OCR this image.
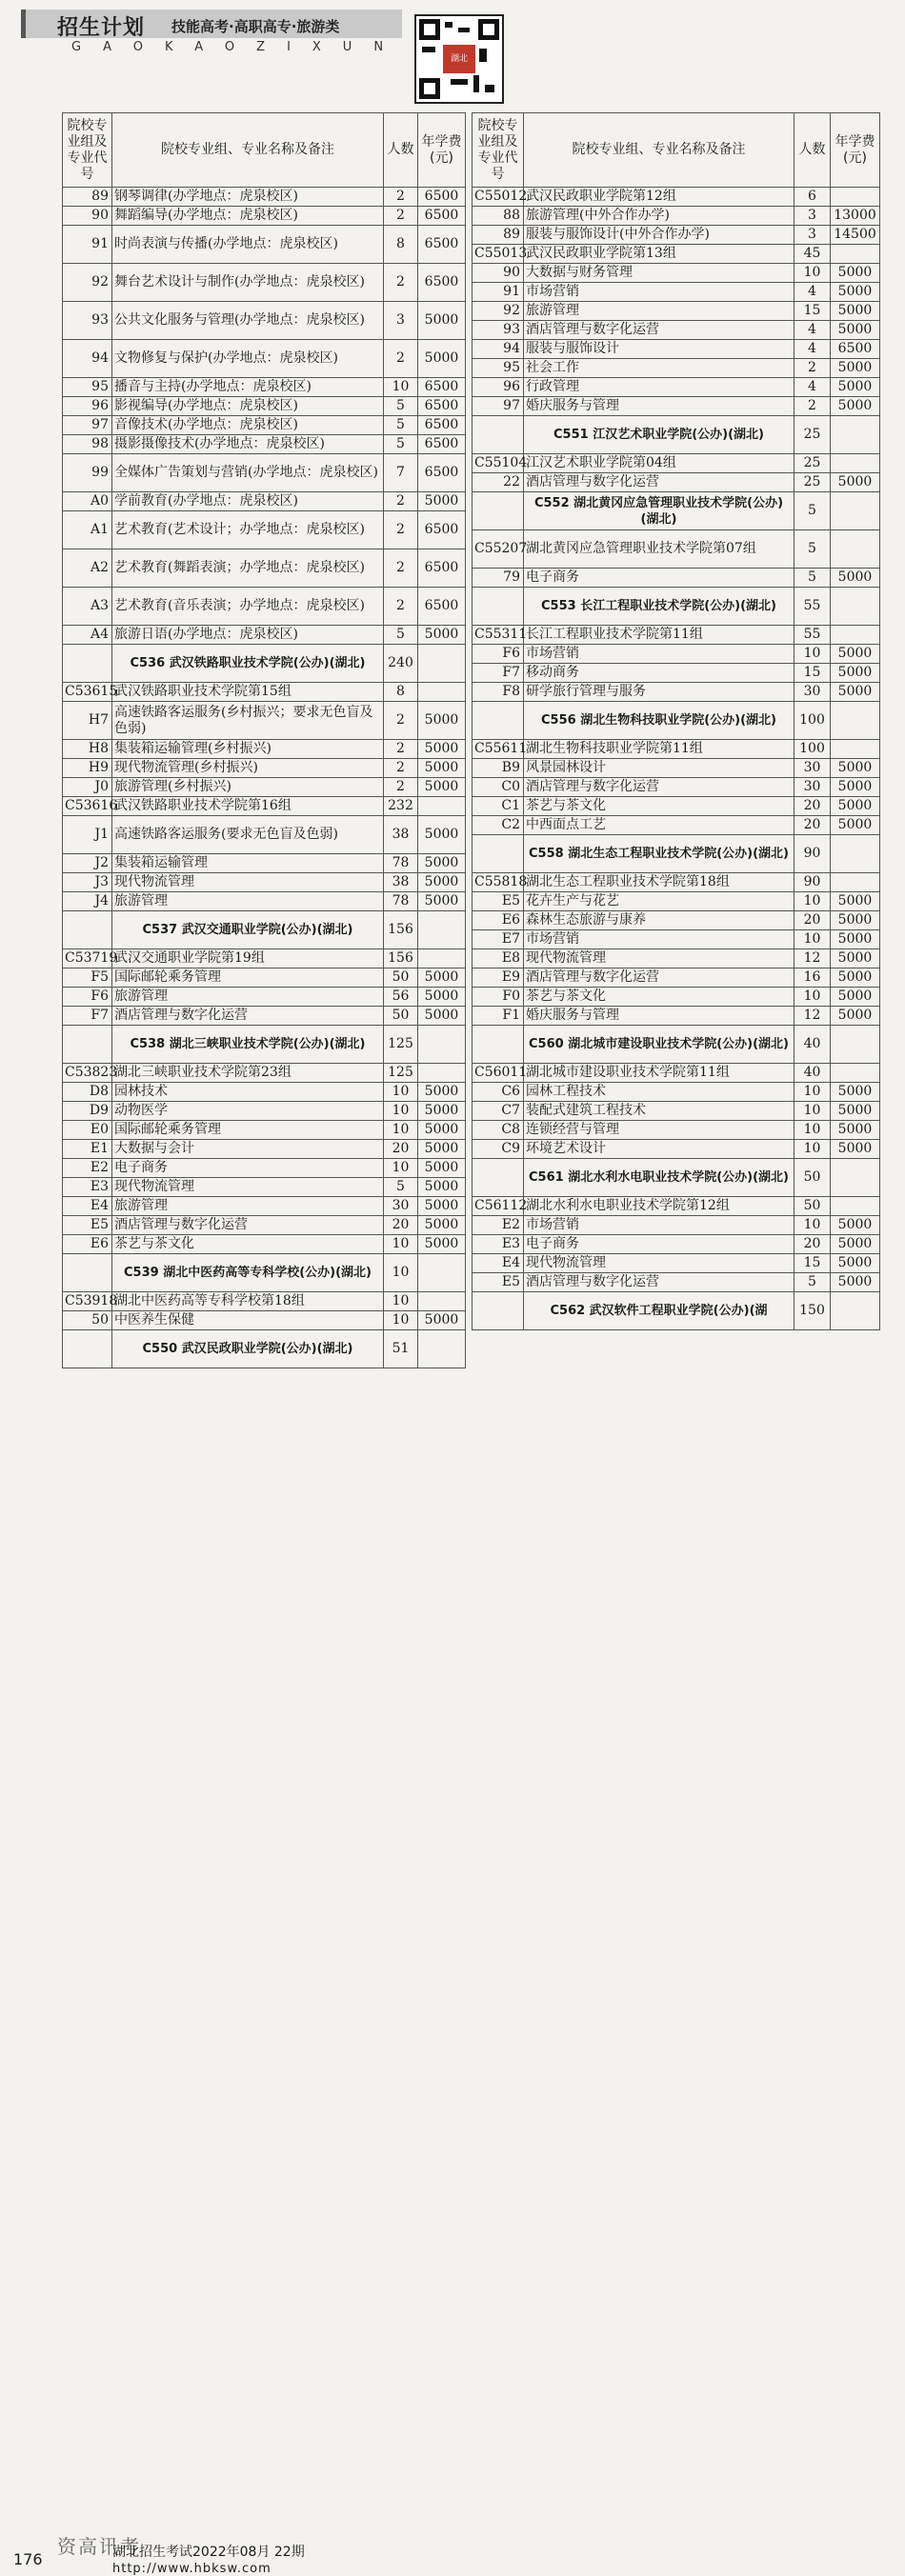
招生计划 技能高考·高职高专·旅游类
GAOKAOZIXUN
湖北
院校专业组及专业代号	院校专业组、专业名称及备注	人数	年学费(元)
89	钢琴调律(办学地点：虎泉校区)	2	6500
90	舞蹈编导(办学地点：虎泉校区)	2	6500
91	时尚表演与传播(办学地点：虎泉校区)	8	6500
92	舞台艺术设计与制作(办学地点：虎泉校区)	2	6500
93	公共文化服务与管理(办学地点：虎泉校区)	3	5000
94	文物修复与保护(办学地点：虎泉校区)	2	5000
95	播音与主持(办学地点：虎泉校区)	10	6500
96	影视编导(办学地点：虎泉校区)	5	6500
97	音像技术(办学地点：虎泉校区)	5	6500
98	摄影摄像技术(办学地点：虎泉校区)	5	6500
99	全媒体广告策划与营销(办学地点：虎泉校区)	7	6500
A0	学前教育(办学地点：虎泉校区)	2	5000
A1	艺术教育(艺术设计；办学地点：虎泉校区)	2	6500
A2	艺术教育(舞蹈表演；办学地点：虎泉校区)	2	6500
A3	艺术教育(音乐表演；办学地点：虎泉校区)	2	6500
A4	旅游日语(办学地点：虎泉校区)	5	5000
	C536 武汉铁路职业技术学院(公办)(湖北)	240	
C53615	武汉铁路职业技术学院第15组	8	
H7	高速铁路客运服务(乡村振兴；要求无色盲及色弱)	2	5000
H8	集装箱运输管理(乡村振兴)	2	5000
H9	现代物流管理(乡村振兴)	2	5000
J0	旅游管理(乡村振兴)	2	5000
C53616	武汉铁路职业技术学院第16组	232	
J1	高速铁路客运服务(要求无色盲及色弱)	38	5000
J2	集装箱运输管理	78	5000
J3	现代物流管理	38	5000
J4	旅游管理	78	5000
	C537 武汉交通职业学院(公办)(湖北)	156	
C53719	武汉交通职业学院第19组	156	
F5	国际邮轮乘务管理	50	5000
F6	旅游管理	56	5000
F7	酒店管理与数字化运营	50	5000
	C538 湖北三峡职业技术学院(公办)(湖北)	125	
C53823	湖北三峡职业技术学院第23组	125	
D8	园林技术	10	5000
D9	动物医学	10	5000
E0	国际邮轮乘务管理	10	5000
E1	大数据与会计	20	5000
E2	电子商务	10	5000
E3	现代物流管理	5	5000
E4	旅游管理	30	5000
E5	酒店管理与数字化运营	20	5000
E6	茶艺与茶文化	10	5000
	C539 湖北中医药高等专科学校(公办)(湖北)	10	
C53918	湖北中医药高等专科学校第18组	10	
50	中医养生保健	10	5000
	C550 武汉民政职业学院(公办)(湖北)	51	
院校专业组及专业代号	院校专业组、专业名称及备注	人数	年学费(元)
C55012	武汉民政职业学院第12组	6	
88	旅游管理(中外合作办学)	3	13000
89	服装与服饰设计(中外合作办学)	3	14500
C55013	武汉民政职业学院第13组	45	
90	大数据与财务管理	10	5000
91	市场营销	4	5000
92	旅游管理	15	5000
93	酒店管理与数字化运营	4	5000
94	服装与服饰设计	4	6500
95	社会工作	2	5000
96	行政管理	4	5000
97	婚庆服务与管理	2	5000
	C551 江汉艺术职业学院(公办)(湖北)	25	
C55104	江汉艺术职业学院第04组	25	
22	酒店管理与数字化运营	25	5000
	C552 湖北黄冈应急管理职业技术学院(公办)(湖北)	5	
C55207	湖北黄冈应急管理职业技术学院第07组	5	
79	电子商务	5	5000
	C553 长江工程职业技术学院(公办)(湖北)	55	
C55311	长江工程职业技术学院第11组	55	
F6	市场营销	10	5000
F7	移动商务	15	5000
F8	研学旅行管理与服务	30	5000
	C556 湖北生物科技职业学院(公办)(湖北)	100	
C55611	湖北生物科技职业学院第11组	100	
B9	风景园林设计	30	5000
C0	酒店管理与数字化运营	30	5000
C1	茶艺与茶文化	20	5000
C2	中西面点工艺	20	5000
	C558 湖北生态工程职业技术学院(公办)(湖北)	90	
C55818	湖北生态工程职业技术学院第18组	90	
E5	花卉生产与花艺	10	5000
E6	森林生态旅游与康养	20	5000
E7	市场营销	10	5000
E8	现代物流管理	12	5000
E9	酒店管理与数字化运营	16	5000
F0	茶艺与茶文化	10	5000
F1	婚庆服务与管理	12	5000
	C560 湖北城市建设职业技术学院(公办)(湖北)	40	
C56011	湖北城市建设职业技术学院第11组	40	
C6	园林工程技术	10	5000
C7	装配式建筑工程技术	10	5000
C8	连锁经营与管理	10	5000
C9	环境艺术设计	10	5000
	C561 湖北水利水电职业技术学院(公办)(湖北)	50	
C56112	湖北水利水电职业技术学院第12组	50	
E2	市场营销	10	5000
E3	电子商务	20	5000
E4	现代物流管理	15	5000
E5	酒店管理与数字化运营	5	5000
	C562 武汉软件工程职业学院(公办)(湖	150	
176
资高讯考
湖北招生考试2022年08月 22期
http://www.hbksw.com
